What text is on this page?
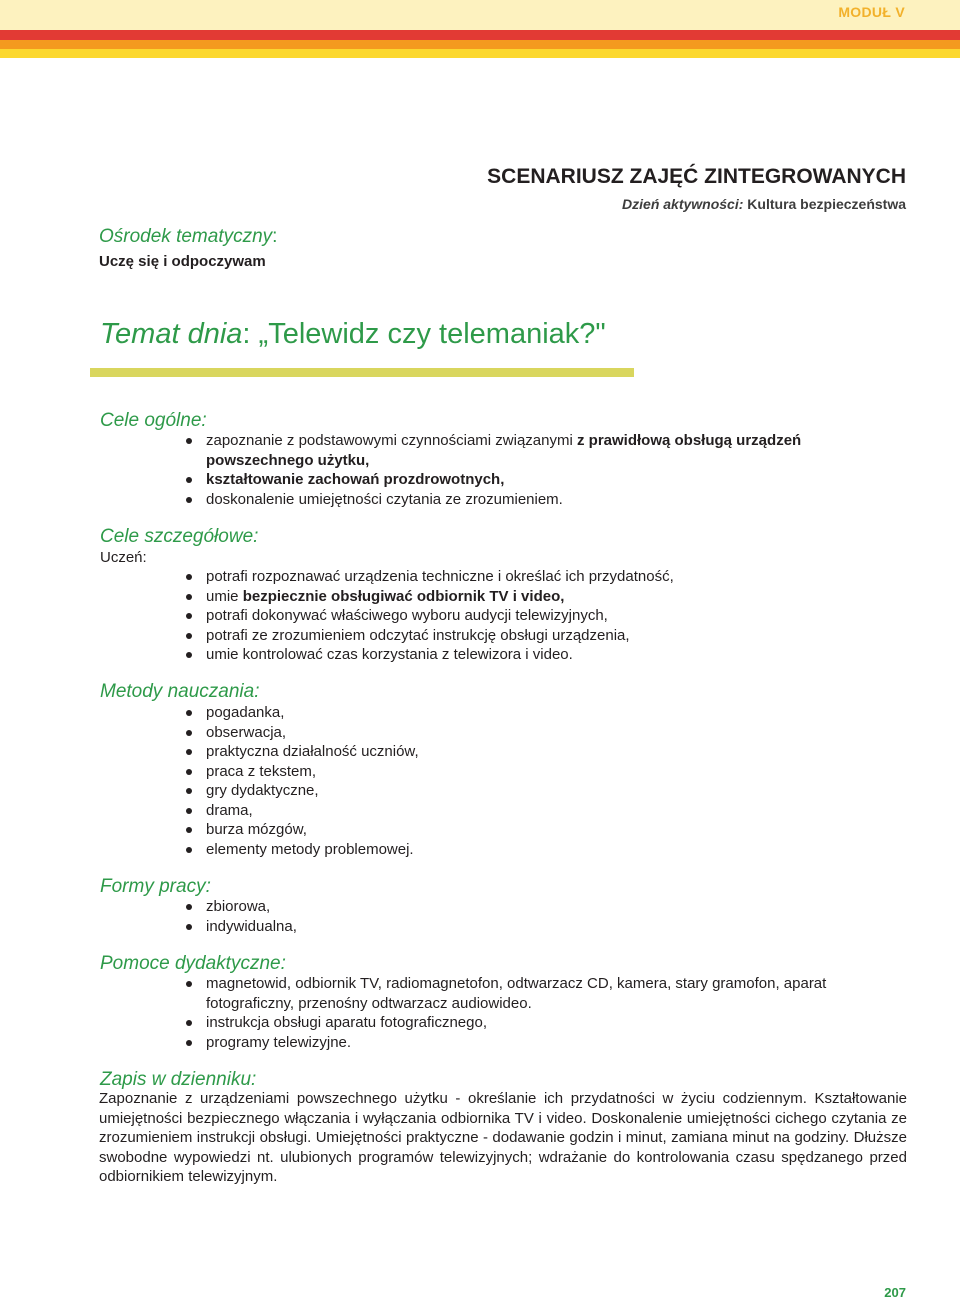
MODUŁ V
SCENARIUSZ ZAJĘĆ ZINTEGROWANYCH
Dzień aktywności: Kultura bezpieczeństwa
Ośrodek tematyczny:
Uczę się i odpoczywam
Temat dnia: „Telewidz czy telemaniak?"
Cele ogólne:
zapoznanie z podstawowymi czynnościami związanymi z prawidłową obsługą urządzeń powszechnego użytku,
kształtowanie zachowań prozdrowotnych,
doskonalenie umiejętności czytania ze zrozumieniem.
Cele szczegółowe:
Uczeń:
potrafi rozpoznawać urządzenia techniczne i określać ich przydatność,
umie bezpiecznie obsługiwać odbiornik TV i video,
potrafi dokonywać właściwego wyboru audycji telewizyjnych,
potrafi ze zrozumieniem odczytać instrukcję obsługi urządzenia,
umie kontrolować czas korzystania z telewizora i video.
Metody nauczania:
pogadanka,
obserwacja,
praktyczna działalność uczniów,
praca z tekstem,
gry dydaktyczne,
drama,
burza mózgów,
elementy metody problemowej.
Formy pracy:
zbiorowa,
indywidualna,
Pomoce dydaktyczne:
magnetowid, odbiornik TV, radiomagnetofon, odtwarzacz CD, kamera, stary gramofon, aparat fotograficzny, przenośny odtwarzacz audiowideo.
instrukcja obsługi aparatu fotograficznego,
programy telewizyjne.
Zapis w dzienniku:
Zapoznanie z urządzeniami powszechnego użytku - określanie ich przydatności w życiu codziennym. Kształtowanie umiejętności bezpiecznego włączania i wyłączania odbiornika TV i video. Doskonalenie umiejętności cichego czytania ze zrozumieniem instrukcji obsługi. Umiejętności praktyczne - dodawanie godzin i minut, zamiana minut na godziny. Dłuższe swobodne wypowiedzi nt. ulubionych programów telewizyjnych; wdrażanie do kontrolowania czasu spędzanego przed odbiornikiem telewizyjnym.
207
